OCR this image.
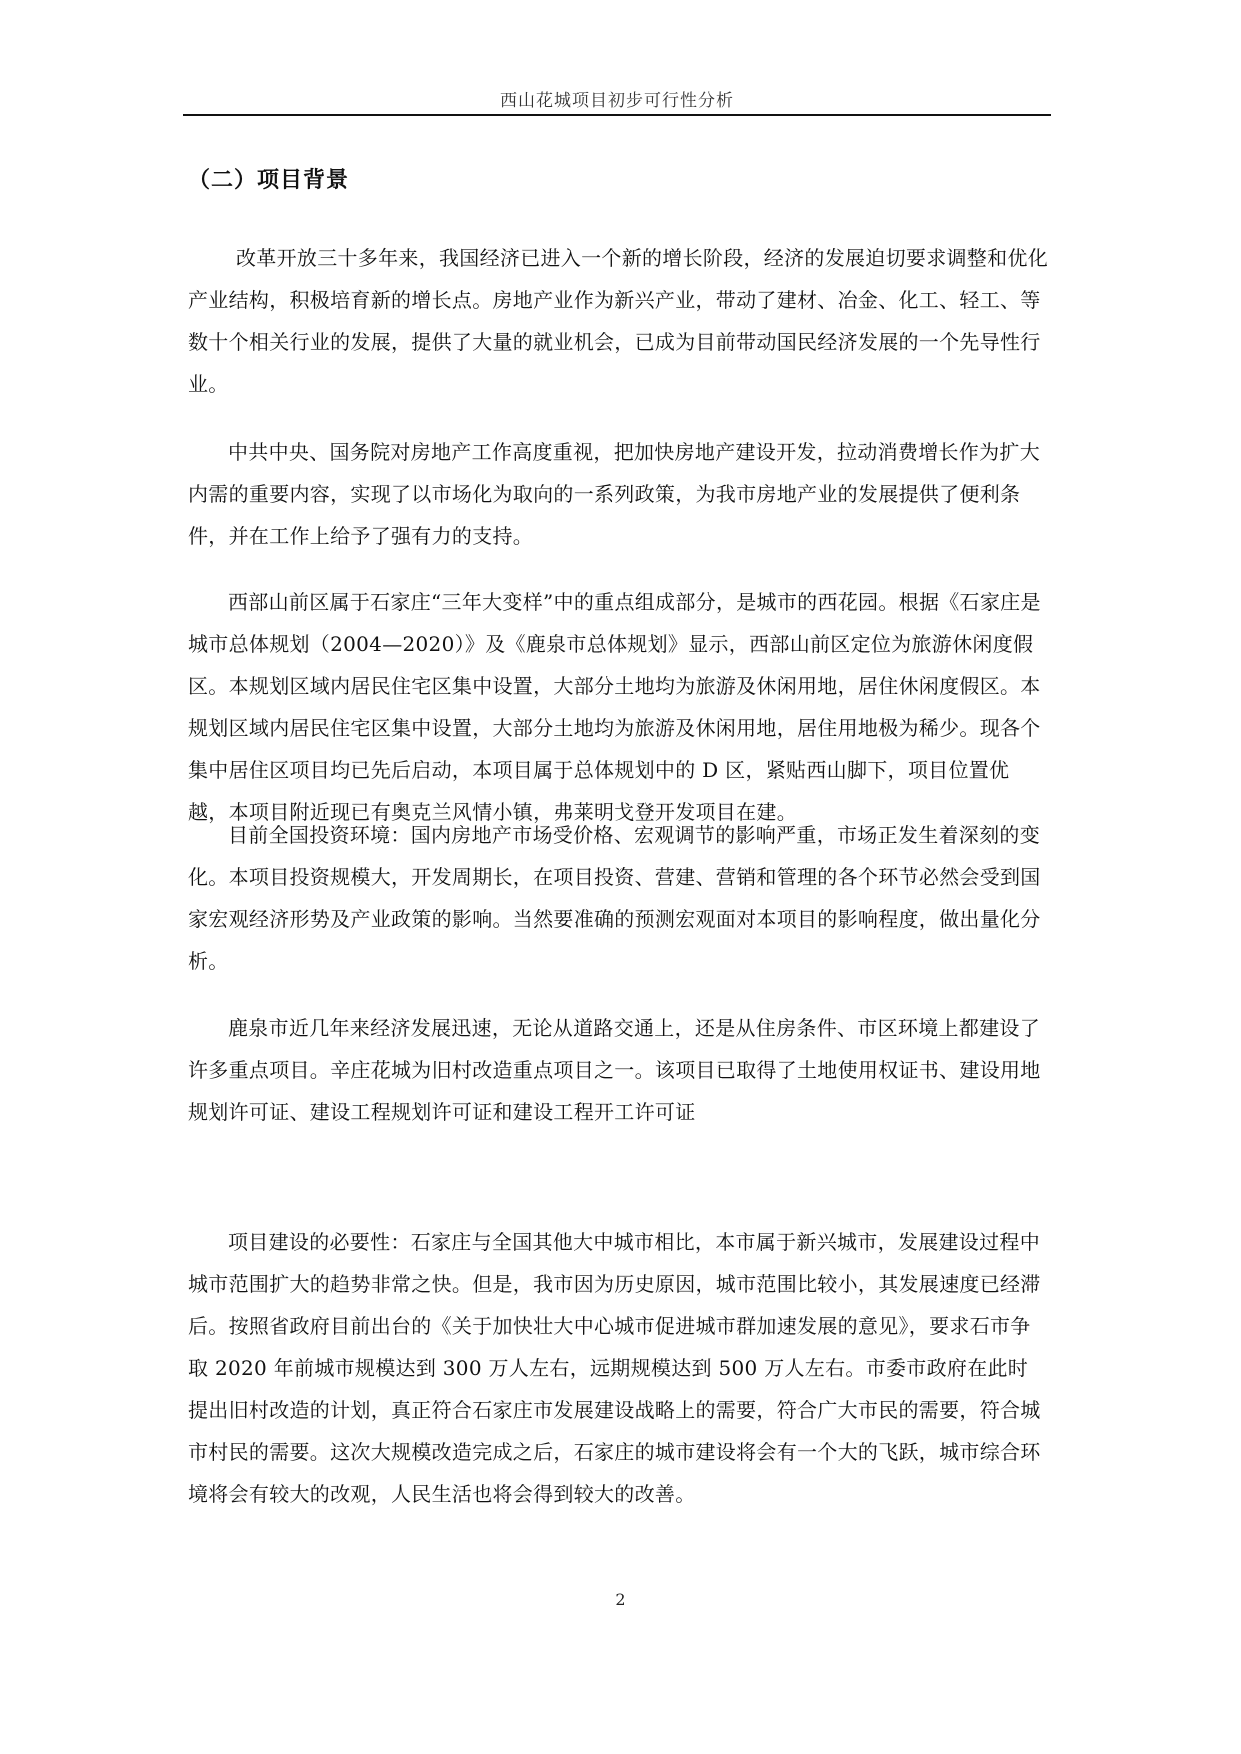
西山花城项目初步可行性分析
（二）项目背景

改革开放三十多年来，我国经济已进入一个新的增长阶段，经济的发展迫切要求调整和优化产业结构，积极培育新的增长点。房地产业作为新兴产业，带动了建材、冶金、化工、轻工、等数十个相关行业的发展，提供了大量的就业机会，已成为目前带动国民经济发展的一个先导性行业。

中共中央、国务院对房地产工作高度重视，把加快房地产建设开发，拉动消费增长作为扩大内需的重要内容，实现了以市场化为取向的一系列政策，为我市房地产业的发展提供了便利条件，并在工作上给予了强有力的支持。

西部山前区属于石家庄“三年大变样”中的重点组成部分，是城市的西花园。根据《石家庄是城市总体规划（2004—2020）》及《鹿泉市总体规划》显示，西部山前区定位为旅游休闲度假区。本规划区域内居民住宅区集中设置，大部分土地均为旅游及休闲用地，居住休闲度假区。本规划区域内居民住宅区集中设置，大部分土地均为旅游及休闲用地，居住用地极为稀少。现各个集中居住区项目均已先后启动，本项目属于总体规划中的 D 区，紧贴西山脚下，项目位置优越，本项目附近现已有奥克兰风情小镇，弗莱明戈登开发项目在建。

目前全国投资环境：国内房地产市场受价格、宏观调节的影响严重，市场正发生着深刻的变化。本项目投资规模大，开发周期长，在项目投资、营建、营销和管理的各个环节必然会受到国家宏观经济形势及产业政策的影响。当然要准确的预测宏观面对本项目的影响程度，做出量化分析。

鹿泉市近几年来经济发展迅速，无论从道路交通上，还是从住房条件、市区环境上都建设了许多重点项目。辛庄花城为旧村改造重点项目之一。该项目已取得了土地使用权证书、建设用地规划许可证、建设工程规划许可证和建设工程开工许可证

项目建设的必要性：石家庄与全国其他大中城市相比，本市属于新兴城市，发展建设过程中城市范围扩大的趋势非常之快。但是，我市因为历史原因，城市范围比较小，其发展速度已经滞后。按照省政府目前出台的《关于加快壮大中心城市促进城市群加速发展的意见》，要求石市争取 2020 年前城市规模达到 300 万人左右，远期规模达到 500 万人左右。市委市政府在此时提出旧村改造的计划，真正符合石家庄市发展建设战略上的需要，符合广大市民的需要，符合城市村民的需要。这次大规模改造完成之后，石家庄的城市建设将会有一个大的飞跃，城市综合环境将会有较大的改观，人民生活也将会得到较大的改善。

2
